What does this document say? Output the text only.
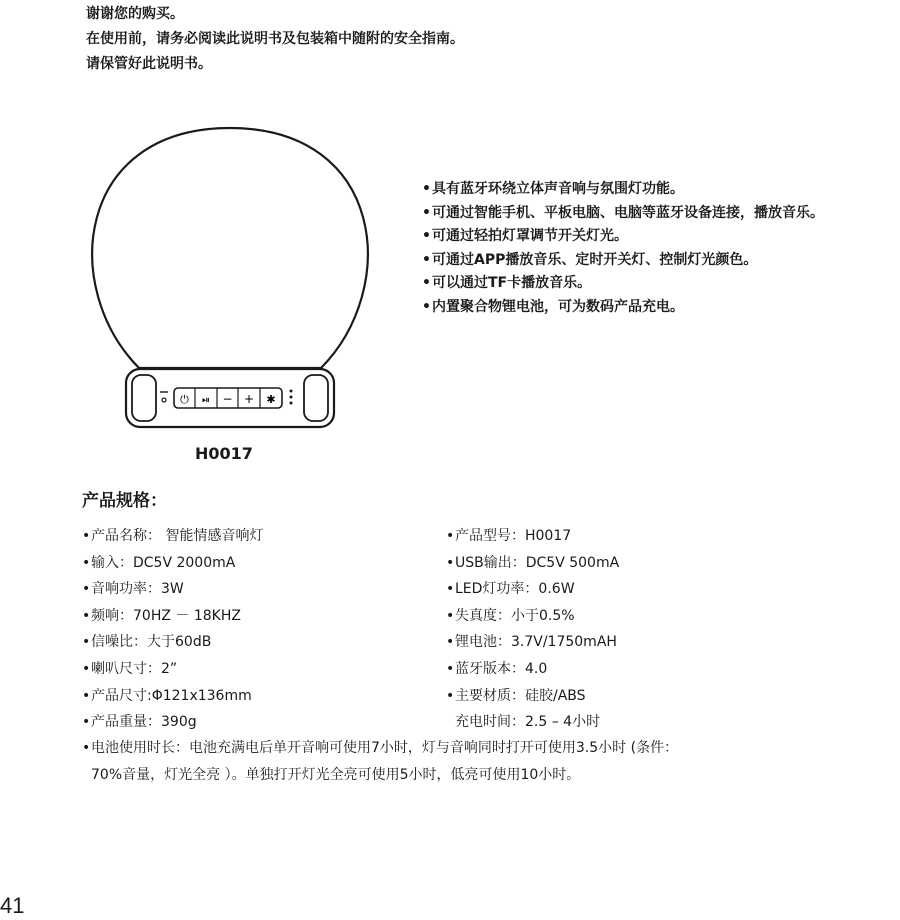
谢谢您的购买。
在使用前，请务必阅读此说明书及包装箱中随附的安全指南。
请保管好此说明书。
⏻ ⏯ − + ✱
H0017
• 具有蓝牙环绕立体声音响与氛围灯功能。
• 可通过智能手机、平板电脑、电脑等蓝牙设备连接，播放音乐。
• 可通过轻拍灯罩调节开关灯光。
• 可通过APP播放音乐、定时开关灯、控制灯光颜色。
• 可以通过TF卡播放音乐。
• 内置聚合物锂电池，可为数码产品充电。
产品规格：
• 产品名称： 智能情感音响灯
• 输入：DC5V 2000mA
• 音响功率：3W
• 频响：70HZ － 18KHZ
• 信噪比：大于60dB
• 喇叭尺寸：2”
• 产品尺寸:Φ121x136mm
• 产品重量：390g
• 产品型号：H0017
• USB输出：DC5V 500mA
• LED灯功率：0.6W
• 失真度：小于0.5%
• 锂电池：3.7V/1750mAH
• 蓝牙版本：4.0
• 主要材质：硅胶/ABS
充电时间：2.5 – 4小时
• 电池使用时长：电池充满电后单开音响可使用7小时，灯与音响同时打开可使用3.5小时 (条件：
70%音量，灯光全亮 ）。单独打开灯光全亮可使用5小时，低亮可使用10小时。
41
